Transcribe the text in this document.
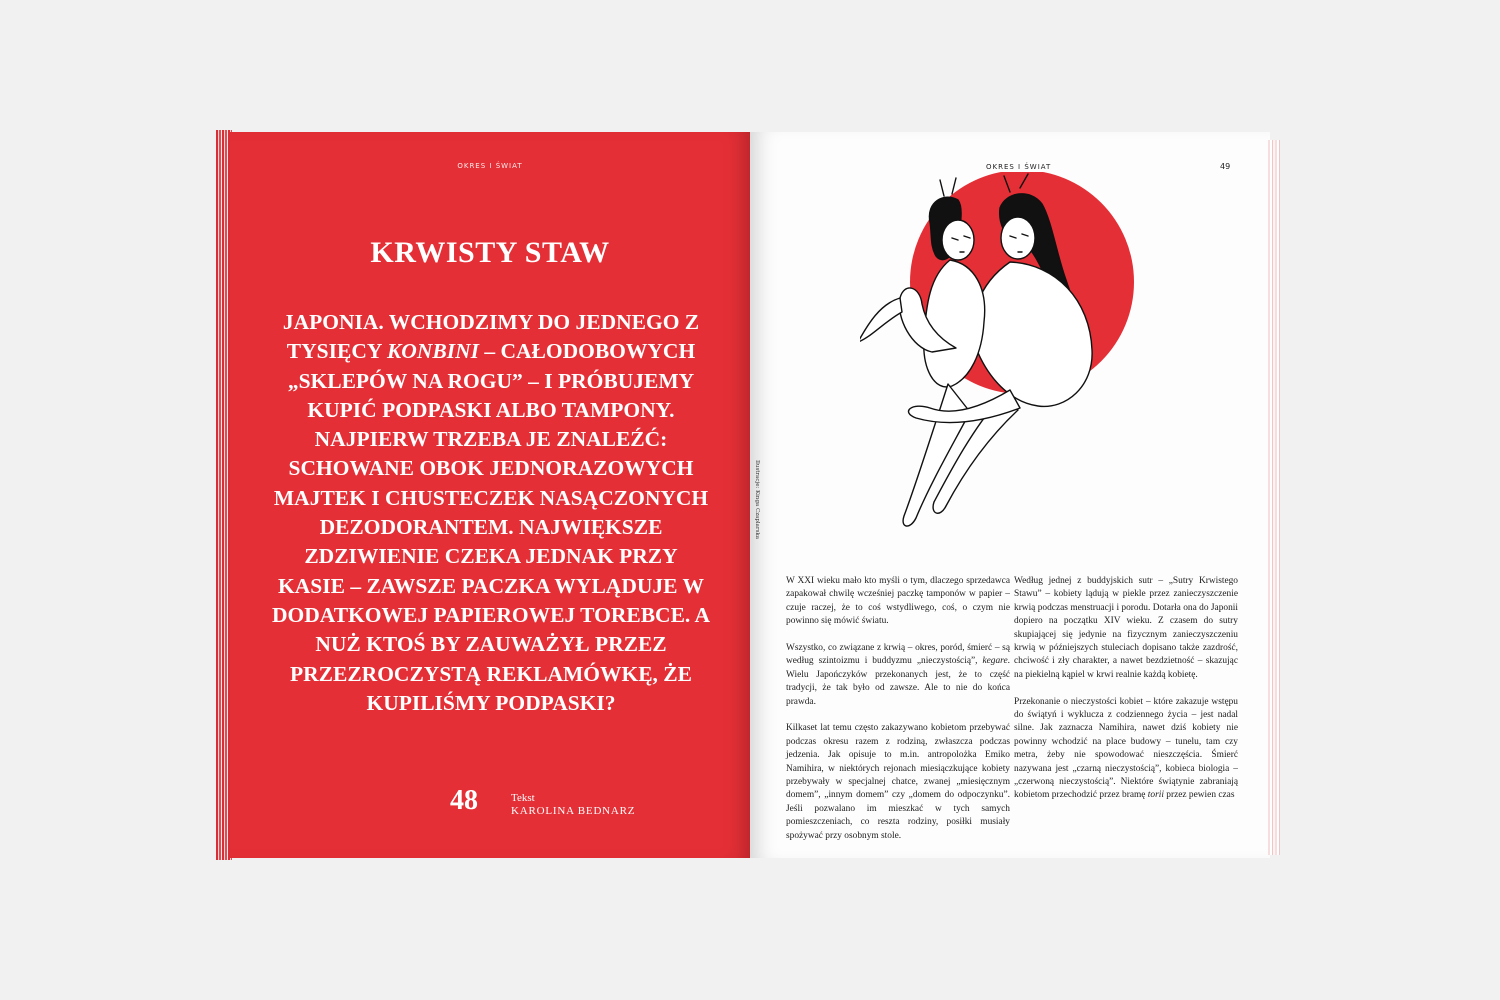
OKRES I ŚWIAT
KRWISTY STAW

JAPONIA. WCHODZIMY DO JEDNEGO Z TYSIĘCY KONBINI – CAŁODOBOWYCH „SKLEPÓW NA ROGU” – I PRÓBUJEMY KUPIĆ PODPASKI ALBO TAMPONY. NAJPIERW TRZEBA JE ZNALEŹĆ: SCHOWANE OBOK JEDNORAZOWYCH MAJTEK I CHUSTECZEK NASĄCZONYCH DEZODORANTEM. NAJWIĘKSZE ZDZIWIENIE CZEKA JEDNAK PRZY KASIE – ZAWSZE PACZKA WYLĄDUJE W DODATKOWEJ PAPIEROWEJ TOREBCE. A NUŻ KTOŚ BY ZAUWAŻYŁ PRZEZ PRZEZROCZYSTĄ REKLAMÓWKĘ, ŻE KUPILIŚMY PODPASKI?

48	Tekst
KAROLINA BEDNARZ
OKRES I ŚWIAT	49
Ilustracje: Kinga Czaplarska

W XXI wieku mało kto myśli o tym, dlaczego sprzedawca zapakował chwilę wcześniej paczkę tamponów w papier – czuje raczej, że to coś wstydliwego, coś, o czym nie powinno się mówić światu.

Wszystko, co związane z krwią – okres, poród, śmierć – są według szintoizmu i buddyzmu „nieczystością”, kegare. Wielu Japończyków przekonanych jest, że to część tradycji, że tak było od zawsze. Ale to nie do końca prawda.

Kilkaset lat temu często zakazywano kobietom przebywać podczas okresu razem z rodziną, zwłaszcza podczas jedzenia. Jak opisuje to m.in. antropolożka Emiko Namihira, w niektórych rejonach miesiączkujące kobiety przebywały w specjalnej chatce, zwanej „miesięcznym domem”, „innym domem” czy „domem do odpoczynku”. Jeśli pozwalano im mieszkać w tych samych pomieszczeniach, co reszta rodziny, posiłki musiały spożywać przy osobnym stole.

Według jednej z buddyjskich sutr – „Sutry Krwistego Stawu” – kobiety lądują w piekle przez zanieczyszczenie krwią podczas menstruacji i porodu. Dotarła ona do Japonii dopiero na początku XIV wieku. Z czasem do sutry skupiającej się jedynie na fizycznym zanieczyszczeniu krwią w późniejszych stuleciach dopisano także zazdrość, chciwość i zły charakter, a nawet bezdzietność – skazując na piekielną kąpiel w krwi realnie każdą kobietę.

Przekonanie o nieczystości kobiet – które zakazuje wstępu do świątyń i wyklucza z codziennego życia – jest nadal silne. Jak zaznacza Namihira, nawet dziś kobiety nie powinny wchodzić na place budowy – tunelu, tam czy metra, żeby nie spowodować nieszczęścia. Śmierć nazywana jest „czarną nieczystością”, kobieca biologia – „czerwoną nieczystością”. Niektóre świątynie zabraniają kobietom przechodzić przez bramę torii przez pewien czas
